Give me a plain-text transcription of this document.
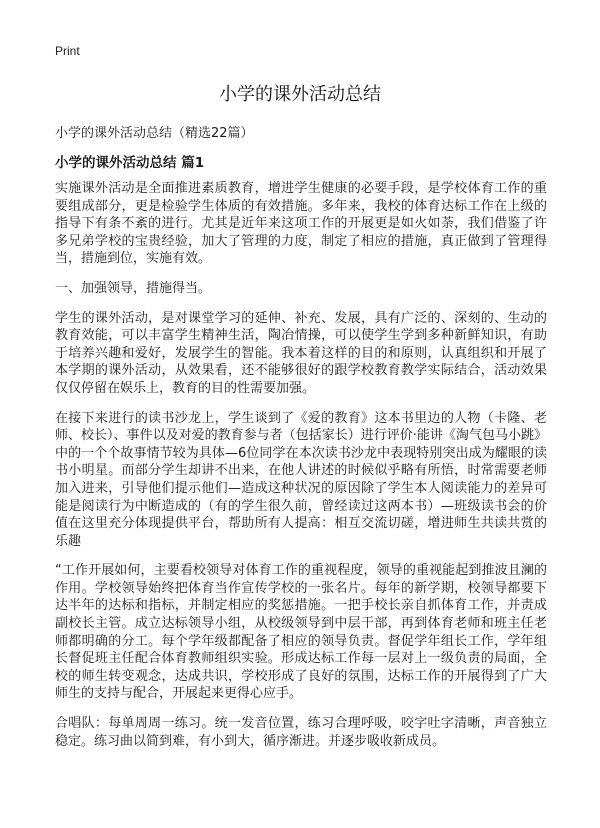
Print
小学的课外活动总结

小学的课外活动总结（精选22篇）

小学的课外活动总结 篇1

实施课外活动是全面推进素质教育，增进学生健康的必要手段，是学校体育工作的重要组成部分，更是检验学生体质的有效措施。多年来，我校的体育达标工作在上级的指导下有条不紊的进行。尤其是近年来这项工作的开展更是如火如荼，我们借鉴了许多兄弟学校的宝贵经验，加大了管理的力度，制定了相应的措施，真正做到了管理得当，措施到位，实施有效。

一、加强领导，措施得当。

学生的课外活动，是对课堂学习的延伸、补充、发展，具有广泛的、深刻的、生动的教育效能，可以丰富学生精神生活，陶冶情操，可以使学生学到多种新鲜知识，有助于培养兴趣和爱好，发展学生的智能。我本着这样的目的和原则，认真组织和开展了本学期的课外活动，从效果看，还不能够很好的跟学校教育教学实际结合，活动效果仅仅停留在娱乐上，教育的目的性需要加强。

在接下来进行的读书沙龙上，学生谈到了《爱的教育》这本书里边的人物（卡隆、老师、校长）、事件以及对爱的教育参与者（包括家长）进行评价·能讲《淘气包马小跳》中的一个个故事情节较为具体—6位同学在本次读书沙龙中表现特别突出成为耀眼的读书小明星。而部分学生却讲不出来，在他人讲述的时候似乎略有所悟，时常需要老师加入进来，引导他们提示他们—造成这种状况的原因除了学生本人阅读能力的差异可能是阅读行为中断造成的（有的学生很久前，曾经读过这两本书）—班级读书会的价值在这里充分体现提供平台，帮助所有人提高：相互交流切磋，增进师生共读共赏的乐趣

“工作开展如何，主要看校领导对体育工作的重视程度，领导的重视能起到推波且澜的作用。学校领导始终把体育当作宣传学校的一张名片。每年的新学期，校领导都要下达半年的达标和指标，并制定相应的奖惩措施。一把手校长亲自抓体育工作，并责成副校长主管。成立达标领导小组，从校级领导到中层干部，再到体育老师和班主任老师都明确的分工。每个学年级都配备了相应的领导负责。督促学年组长工作，学年组长督促班主任配合体育教师组织实验。形成达标工作每一层对上一级负责的局面，全校的师生转变观念，达成共识，学校形成了良好的氛围，达标工作的开展得到了广大师生的支持与配合，开展起来更得心应手。

合唱队：每单周周一练习。统一发音位置，练习合理呼吸，咬字吐字清晰，声音独立稳定。练习曲以简到难，有小到大，循序渐进。并逐步吸收新成员。
